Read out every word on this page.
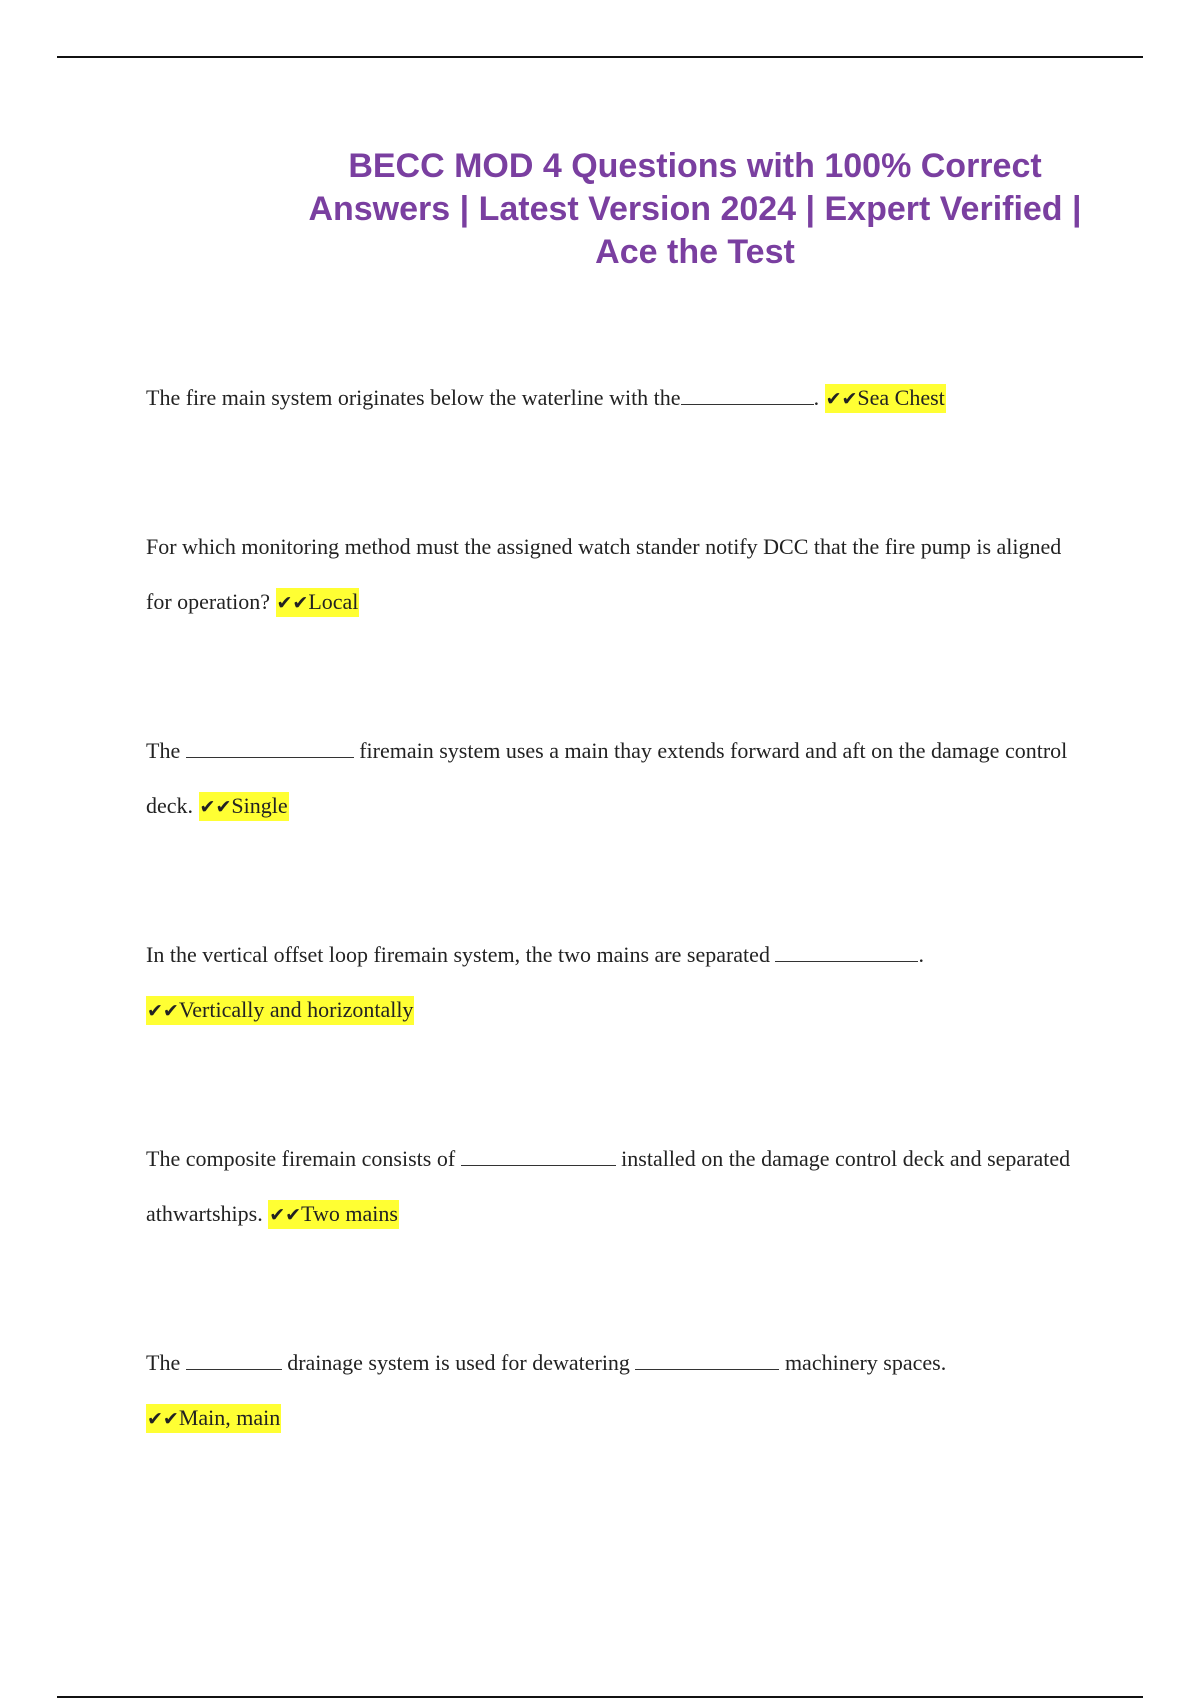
BECC MOD 4 Questions with 100% Correct Answers | Latest Version 2024 | Expert Verified | Ace the Test

The fire main system originates below the waterline with the	. ✔✔Sea Chest

For which monitoring method must the assigned watch stander notify DCC that the fire pump is aligned for operation? ✔✔Local

The	firemain system uses a main thay extends forward and aft on the damage control deck. ✔✔Single

In the vertical offset loop firemain system, the two mains are separated	.
✔✔Vertically and horizontally

The composite firemain consists of	installed on the damage control deck and separated athwartships. ✔✔Two mains

The	drainage system is used for dewatering	machinery spaces.
✔✔Main, main
